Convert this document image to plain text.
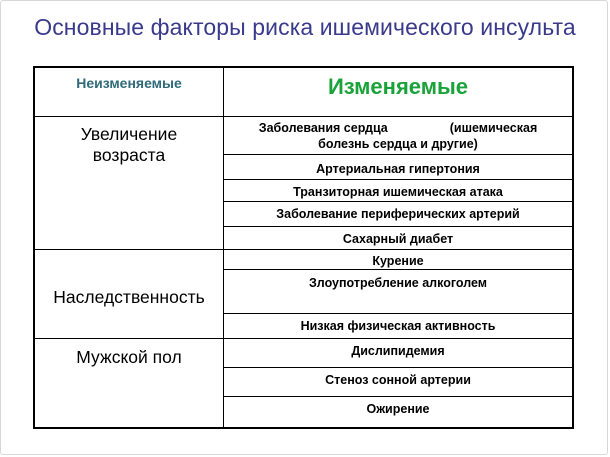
Основные факторы риска ишемического инсульта
Неизменяемые	Изменяемые
Увеличение
возраста
Наследственность
Мужской пол
Заболевания сердца	(ишемическая
болезнь сердца и другие)
Артериальная гипертония
Транзиторная ишемическая атака
Заболевание периферических артерий
Сахарный диабет
Курение
Злоупотребление алкоголем
Низкая физическая активность
Дислипидемия
Стеноз сонной артерии
Ожирение
